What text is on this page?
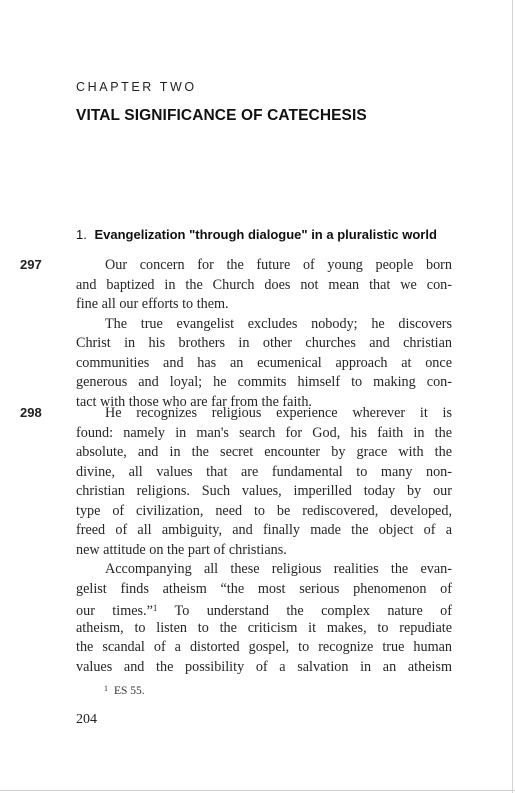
CHAPTER TWO
VITAL SIGNIFICANCE OF CATECHESIS
1. Evangelization "through dialogue" in a pluralistic world
297	Our concern for the future of young people born
and baptized in the Church does not mean that we con-
fine all our efforts to them.
The true evangelist excludes nobody; he discovers
Christ in his brothers in other churches and christian
communities and has an ecumenical approach at once
generous and loyal; he commits himself to making con-
tact with those who are far from the faith.
298	He recognizes religious experience wherever it is
found: namely in man's search for God, his faith in the
absolute, and in the secret encounter by grace with the
divine, all values that are fundamental to many non-
christian religions. Such values, imperilled today by our
type of civilization, need to be rediscovered, developed,
freed of all ambiguity, and finally made the object of a
new attitude on the part of christians.
Accompanying all these religious realities the evan-
gelist finds atheism “the most serious phenomenon of
our times.”$^1$ To understand the complex nature of
atheism, to listen to the criticism it makes, to repudiate
the scandal of a distorted gospel, to recognize true human
values and the possibility of a salvation in an atheism
$^1$ ES 55.
204
